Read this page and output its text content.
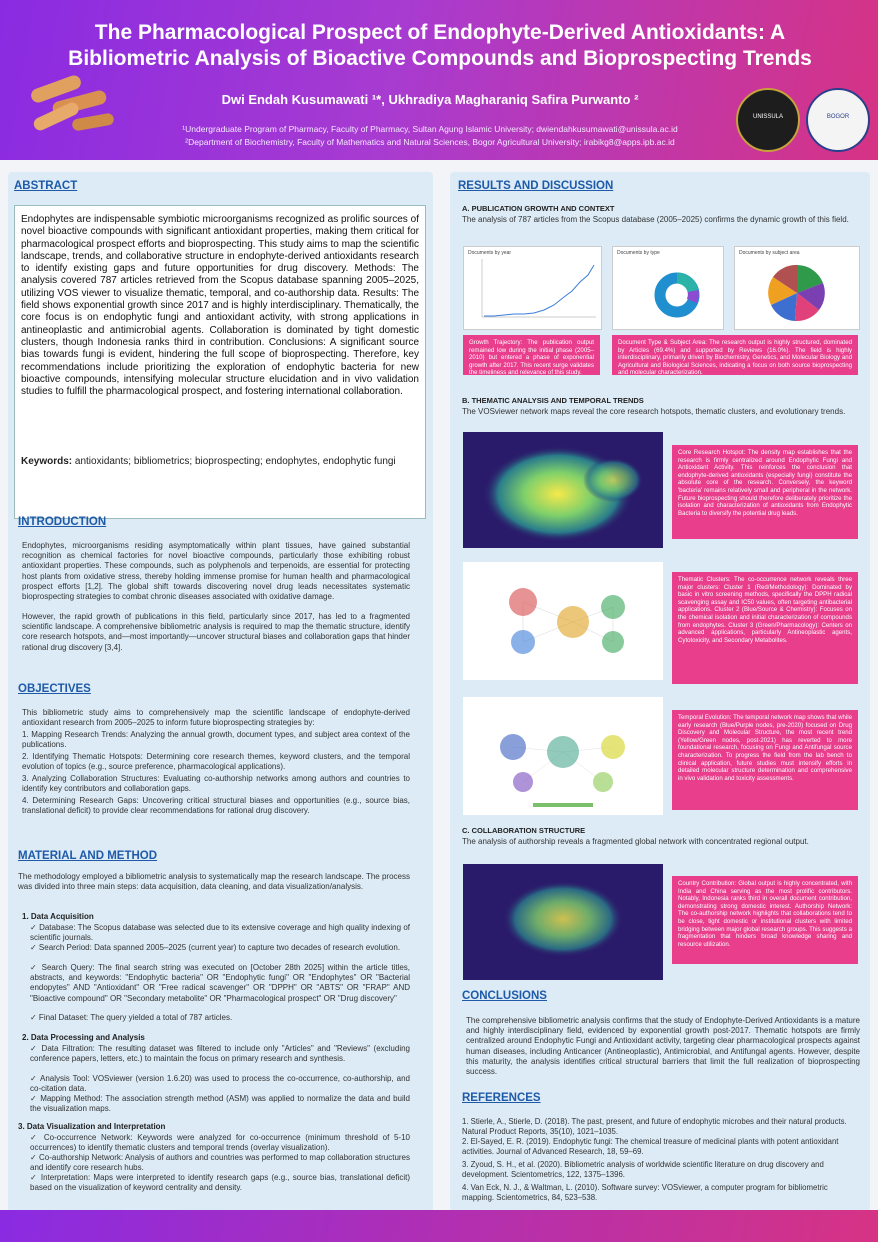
The Pharmacological Prospect of Endophyte-Derived Antioxidants: A
Bibliometric Analysis of Bioactive Compounds and Bioprospecting Trends
Dwi Endah Kusumawati ¹*, Ukhradiya Magharaniq Safira Purwanto ²
¹Undergraduate Program of Pharmacy, Faculty of Pharmacy, Sultan Agung Islamic University; dwiendahkusumawati@unissula.ac.id
²Department of Biochemistry, Faculty of Mathematics and Natural Sciences, Bogor Agricultural University; irabikg8@apps.ipb.ac.id
UNISSULA	BOGOR
ABSTRACT
Endophytes are indispensable symbiotic microorganisms recognized as prolific sources of novel bioactive compounds with significant antioxidant properties, making them critical for pharmacological prospect efforts and bioprospecting. This study aims to map the scientific landscape, trends, and collaborative structure in endophyte-derived antioxidants research to identify existing gaps and future opportunities for drug discovery. Methods: The analysis covered 787 articles retrieved from the Scopus database spanning 2005–2025, utilizing VOS viewer to visualize thematic, temporal, and co-authorship data. Results: The field shows exponential growth since 2017 and is highly interdisciplinary. Thematically, the core focus is on endophytic fungi and antioxidant activity, with strong applications in antineoplastic and antimicrobial agents. Collaboration is dominated by tight domestic clusters, though Indonesia ranks third in contribution. Conclusions: A significant source bias towards fungi is evident, hindering the full scope of bioprospecting. Therefore, key recommendations include prioritizing the exploration of endophytic bacteria for new bioactive compounds, intensifying molecular structure elucidation and in vivo validation studies to fulfill the pharmacological prospect, and fostering international collaboration.
Keywords: antioxidants; bibliometrics; bioprospecting; endophytes, endophytic fungi
INTRODUCTION
Endophytes, microorganisms residing asymptomatically within plant tissues, have gained substantial recognition as chemical factories for novel bioactive compounds, particularly those exhibiting robust antioxidant properties. These compounds, such as polyphenols and terpenoids, are essential for protecting host plants from oxidative stress, thereby holding immense promise for human health and pharmacological prospect efforts [1,2]. The global shift towards discovering novel drug leads necessitates systematic bioprospecting strategies to combat chronic diseases associated with oxidative damage.
However, the rapid growth of publications in this field, particularly since 2017, has led to a fragmented scientific landscape. A comprehensive bibliometric analysis is required to map the thematic structure, identify core research hotspots, and—most importantly—uncover structural biases and collaboration gaps that hinder rational drug discovery [3,4].
OBJECTIVES
This bibliometric study aims to comprehensively map the scientific landscape of endophyte-derived antioxidant research from 2005–2025 to inform future bioprospecting strategies by:
1. Mapping Research Trends: Analyzing the annual growth, document types, and subject area context of the publications.
2. Identifying Thematic Hotspots: Determining core research themes, keyword clusters, and the temporal evolution of topics (e.g., source preference, pharmacological applications).
3. Analyzing Collaboration Structures: Evaluating co-authorship networks among authors and countries to identify key contributors and collaboration gaps.
4. Determining Research Gaps: Uncovering critical structural biases and opportunities (e.g., source bias, translational deficit) to provide clear recommendations for rational drug discovery.
MATERIAL AND METHOD
The methodology employed a bibliometric analysis to systematically map the research landscape. The process was divided into three main steps: data acquisition, data cleaning, and data visualization/analysis.
1. Data Acquisition
✓ Database: The Scopus database was selected due to its extensive coverage and high quality indexing of scientific journals.
✓ Search Period: Data spanned 2005–2025 (current year) to capture two decades of research evolution.
✓ Search Query: The final search string was executed on [October 28th 2025] within the article titles, abstracts, and keywords: "Endophytic bacteria" OR "Endophytic fungi" OR "Endophytes" OR "Bacterial endopytes" AND "Antioxidant" OR "Free radical scavenger" OR "DPPH" OR "ABTS" OR "FRAP" AND "Bioactive compound" OR "Secondary metabolite" OR "Pharmacological prospect" OR "Drug discovery"
✓ Final Dataset: The query yielded a total of 787 articles.
2. Data Processing and Analysis
✓ Data Filtration: The resulting dataset was filtered to include only "Articles" and "Reviews" (excluding conference papers, letters, etc.) to maintain the focus on primary research and synthesis.
✓ Analysis Tool: VOSviewer (version 1.6.20) was used to process the co-occurrence, co-authorship, and co-citation data.
✓ Mapping Method: The association strength method (ASM) was applied to normalize the data and build the visualization maps.
3. Data Visualization and Interpretation
✓ Co-occurrence Network: Keywords were analyzed for co-occurrence (minimum threshold of 5-10 occurrences) to identify thematic clusters and temporal trends (overlay visualization).
✓ Co-authorship Network: Analysis of authors and countries was performed to map collaboration structures and identify core research hubs.
✓ Interpretation: Maps were interpreted to identify research gaps (e.g., source bias, translational deficit) based on the visualization of keyword centrality and density.
RESULTS AND DISCUSSION
A. PUBLICATION GROWTH AND CONTEXT
The analysis of 787 articles from the Scopus database (2005–2025) confirms the dynamic growth of this field.
Documents by year	Documents by type	Documents by subject area
Growth Trajectory: The publication output remained low during the initial phase (2005–2010) but entered a phase of exponential growth after 2017. This recent surge validates the timeliness and relevance of this study.
Document Type & Subject Area: The research output is highly structured, dominated by Articles (69.4%) and supported by Reviews (16.0%). The field is highly interdisciplinary, primarily driven by Biochemistry, Genetics, and Molecular Biology and Agricultural and Biological Sciences, indicating a focus on both source bioprospecting and molecular characterization.
B. THEMATIC ANALYSIS AND TEMPORAL TRENDS
The VOSviewer network maps reveal the core research hotspots, thematic clusters, and evolutionary trends.
Core Research Hotspot: The density map establishes that the research is firmly centralized around Endophytic Fungi and Antioxidant Activity. This reinforces the conclusion that endophyte-derived antioxidants (especially fungi) constitute the absolute core of the research. Conversely, the keyword 'bacteria' remains relatively small and peripheral in the network. Future bioprospecting should therefore deliberately prioritize the isolation and characterization of antioxidants from Endophytic Bacteria to diversify the potential drug leads.
Thematic Clusters: The co-occurrence network reveals three major clusters: Cluster 1 (Red/Methodology): Dominated by basic in vitro screening methods, specifically the DPPH radical scavenging assay and IC50 values, often targeting antibacterial applications. Cluster 2 (Blue/Source & Chemistry): Focuses on the chemical isolation and initial characterization of compounds from endophytes. Cluster 3 (Green/Pharmacology): Centers on advanced applications, particularly Antineoplastic agents, Cytotoxicity, and Secondary Metabolites.
Temporal Evolution: The temporal network map shows that while early research (Blue/Purple nodes, pre-2020) focused on Drug Discovery and Molecular Structure, the most recent trend (Yellow/Green nodes, post-2021) has reverted to more foundational research, focusing on Fungi and Antifungal source characterization. To progress the field from the lab bench to clinical application, future studies must intensify efforts in detailed molecular structure determination and comprehensive in vivo validation and toxicity assessments.
C. COLLABORATION STRUCTURE
The analysis of authorship reveals a fragmented global network with concentrated regional output.
Country Contribution: Global output is highly concentrated, with India and China serving as the most prolific contributors. Notably, Indonesia ranks third in overall document contribution, demonstrating strong domestic interest. Authorship Network: The co-authorship network highlights that collaborations tend to be close, tight domestic or institutional clusters with limited bridging between major global research groups. This suggests a fragmentation that hinders broad knowledge sharing and resource utilization.
CONCLUSIONS
The comprehensive bibliometric analysis confirms that the study of Endophyte-Derived Antioxidants is a mature and highly interdisciplinary field, evidenced by exponential growth post-2017. Thematic hotspots are firmly centralized around Endophytic Fungi and Antioxidant activity, targeting clear pharmacological prospects against human diseases, including Anticancer (Antineoplastic), Antimicrobial, and Antifungal agents. However, despite this maturity, the analysis identifies critical structural barriers that limit the full realization of bioprospecting success.
REFERENCES
1. Stierle, A., Stierle, D. (2018). The past, present, and future of endophytic microbes and their natural products. Natural Product Reports, 35(10), 1021–1035.
2. El-Sayed, E. R. (2019). Endophytic fungi: The chemical treasure of medicinal plants with potent antioxidant activities. Journal of Advanced Research, 18, 59–69.
3. Zyoud, S. H., et al. (2020). Bibliometric analysis of worldwide scientific literature on drug discovery and development. Scientometrics, 122, 1375–1396.
4. Van Eck, N. J., & Waltman, L. (2010). Software survey: VOSviewer, a computer program for bibliometric mapping. Scientometrics, 84, 523–538.
